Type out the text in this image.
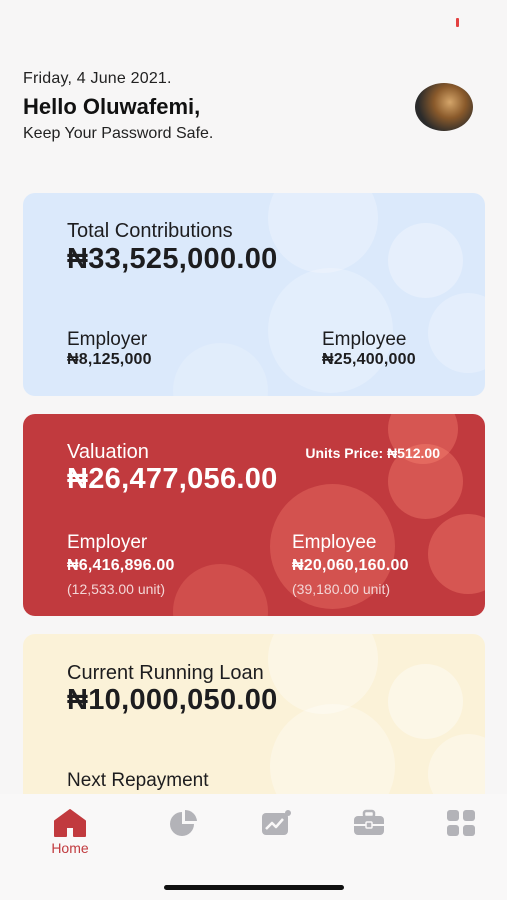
Friday, 4 June 2021.
Hello Oluwafemi,
Keep Your Password Safe.
Total Contributions
₦33,525,000.00
Employer
₦8,125,000
Employee
₦25,400,000
Valuation	Units Price: ₦512.00
₦26,477,056.00
Employer
₦6,416,896.00
(12,533.00 unit)
Employee
₦20,060,160.00
(39,180.00 unit)
Current Running Loan
₦10,000,050.00
Next Repayment
Home
